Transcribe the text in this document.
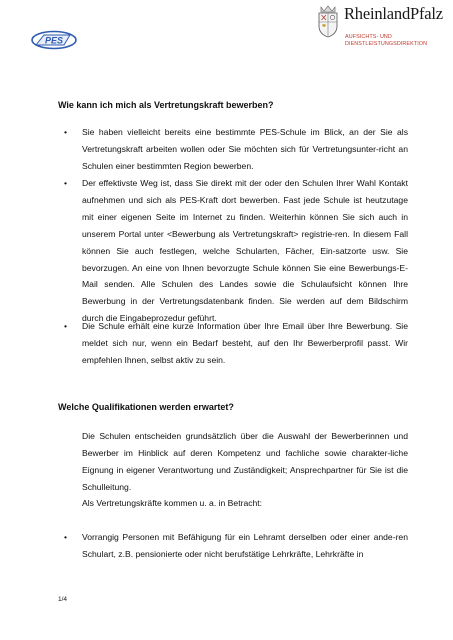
PES
RheinlandPfalz
AUFSICHTS- UND
DIENSTLEISTUNGSDIREKTION
Wie kann ich mich als Vertretungskraft bewerben?
• Sie haben vielleicht bereits eine bestimmte PES-Schule im Blick, an der Sie als Vertretungskraft arbeiten wollen oder Sie möchten sich für Vertretungsunter-richt an Schulen einer bestimmten Region bewerben.
• Der effektivste Weg ist, dass Sie direkt mit der oder den Schulen Ihrer Wahl Kontakt aufnehmen und sich als PES-Kraft dort bewerben. Fast jede Schule ist heutzutage mit einer eigenen Seite im Internet zu finden. Weiterhin können Sie sich auch in unserem Portal unter <Bewerbung als Vertretungskraft> registrie-ren. In diesem Fall können Sie auch festlegen, welche Schularten, Fächer, Ein-satzorte usw. Sie bevorzugen. An eine von Ihnen bevorzugte Schule können Sie eine Bewerbungs-E-Mail senden. Alle Schulen des Landes sowie die Schulaufsicht können Ihre Bewerbung in der Vertretungsdatenbank finden. Sie werden auf dem Bildschirm durch die Eingabeprozedur geführt.
• Die Schule erhält eine kurze Information über Ihre Email über Ihre Bewerbung. Sie meldet sich nur, wenn ein Bedarf besteht, auf den Ihr Bewerberprofil passt. Wir empfehlen Ihnen, selbst aktiv zu sein.
Welche Qualifikationen werden erwartet?
Die Schulen entscheiden grundsätzlich über die Auswahl der Bewerberinnen und Bewerber im Hinblick auf deren Kompetenz und fachliche sowie charakter-liche Eignung in eigener Verantwortung und Zuständigkeit; Ansprechpartner für Sie ist die Schulleitung.
Als Vertretungskräfte kommen u. a. in Betracht:
• Vorrangig Personen mit Befähigung für ein Lehramt derselben oder einer ande-ren Schulart, z.B. pensionierte oder nicht berufstätige Lehrkräfte, Lehrkräfte in
1/4
